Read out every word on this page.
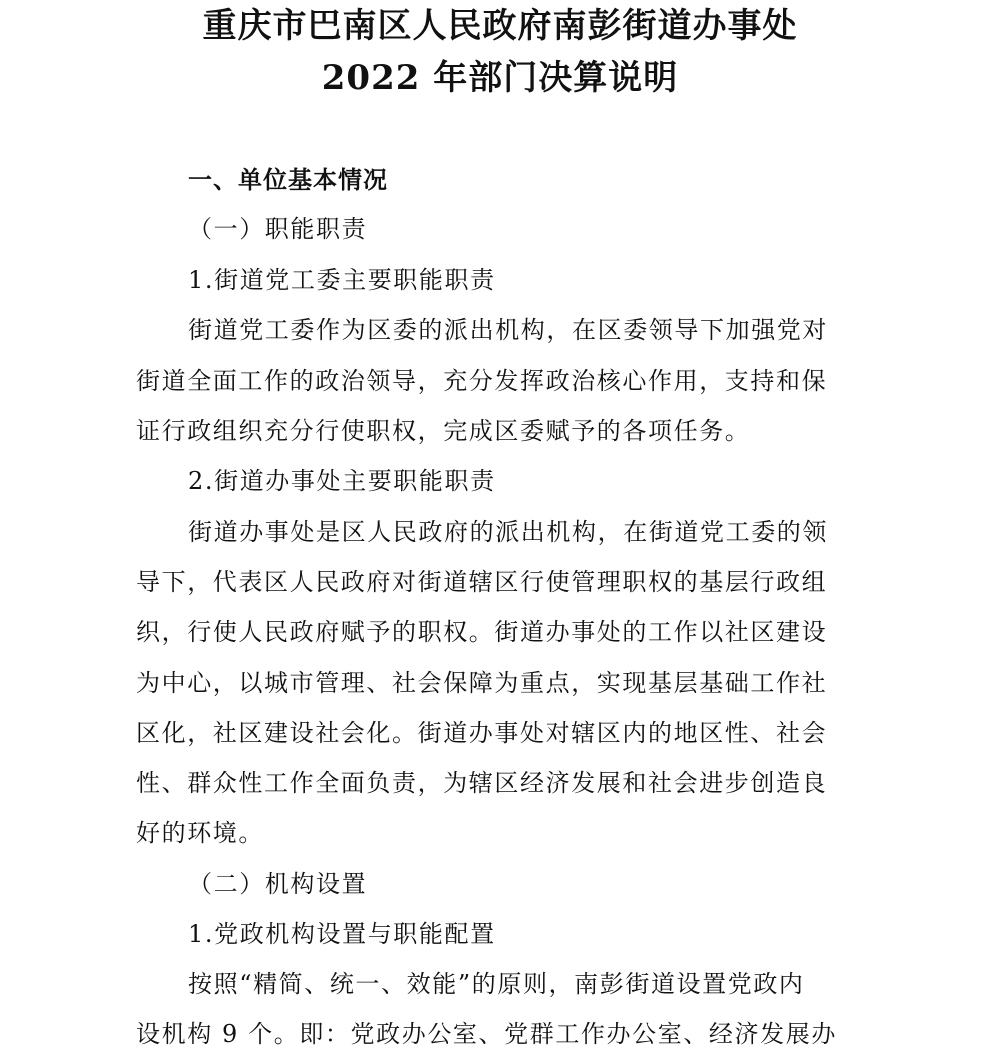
重庆市巴南区人民政府南彭街道办事处
2022 年部门决算说明
一、单位基本情况
（一）职能职责
1.街道党工委主要职能职责
街道党工委作为区委的派出机构，在区委领导下加强党对
街道全面工作的政治领导，充分发挥政治核心作用，支持和保
证行政组织充分行使职权，完成区委赋予的各项任务。
2.街道办事处主要职能职责
街道办事处是区人民政府的派出机构，在街道党工委的领
导下，代表区人民政府对街道辖区行使管理职权的基层行政组
织，行使人民政府赋予的职权。街道办事处的工作以社区建设
为中心，以城市管理、社会保障为重点，实现基层基础工作社
区化，社区建设社会化。街道办事处对辖区内的地区性、社会
性、群众性工作全面负责，为辖区经济发展和社会进步创造良
好的环境。
（二）机构设置
1.党政机构设置与职能配置
按照“精简、统一、效能”的原则，南彭街道设置党政内
设机构 9 个。即：党政办公室、党群工作办公室、经济发展办
